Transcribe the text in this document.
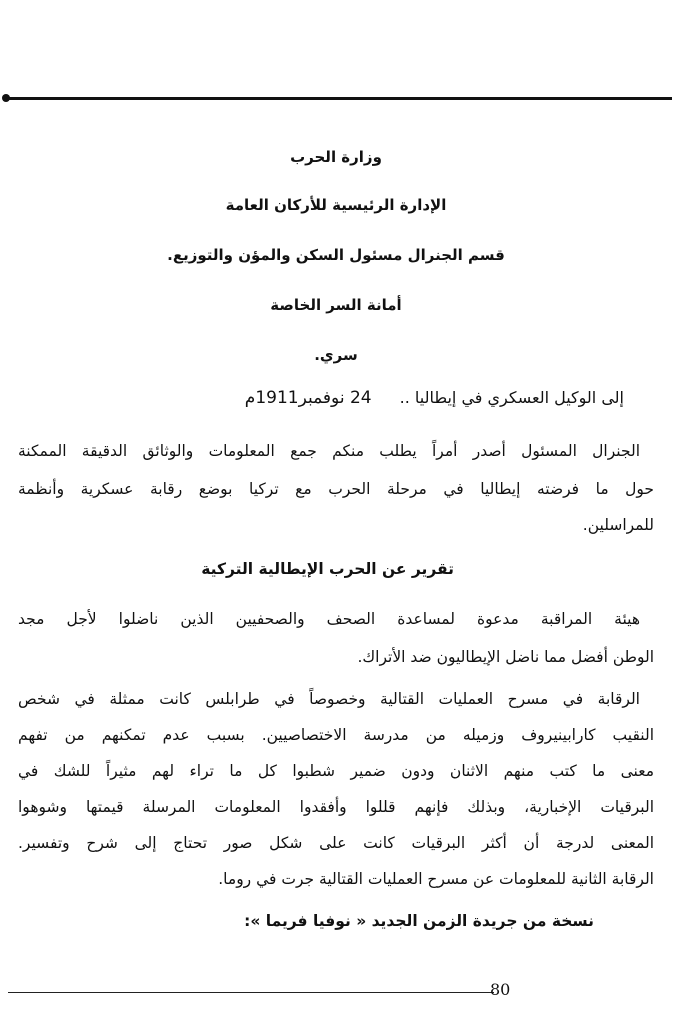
وزارة الحرب
الإدارة الرئيسية للأركان العامة
قسم الجنرال مسئول السكن والمؤن والتوزيع.
أمانة السر الخاصة
سري.
إلى الوكيل العسكري في إيطاليا ..24 نوفمبر1911م
الجنرال المسئول أصدر أمراً يطلب منكم جمع المعلومات والوثائق الدقيقة الممكنة
حول ما فرضته إيطاليا في مرحلة الحرب مع تركيا بوضع رقابة عسكرية وأنظمة
للمراسلين.
تقرير عن الحرب الإيطالية التركية
هيئة المراقبة مدعوة لمساعدة الصحف والصحفيين الذين ناضلوا لأجل مجد
الوطن أفضل مما ناضل الإيطاليون ضد الأتراك.
الرقابة في مسرح العمليات القتالية وخصوصاً في طرابلس كانت ممثلة في شخص
النقيب كارابينيروف وزميله من مدرسة الاختصاصيين. بسبب عدم تمكنهم من تفهم
معنى ما كتب منهم الاثنان ودون ضمير شطبوا كل ما تراء لهم مثيراً للشك في
البرقيات الإخبارية، وبذلك فإنهم قللوا وأفقدوا المعلومات المرسلة قيمتها وشوهوا
المعنى لدرجة أن أكثر البرقيات كانت على شكل صور تحتاج إلى شرح وتفسير.
الرقابة الثانية للمعلومات عن مسرح العمليات القتالية جرت في روما.
نسخة من جريدة الزمن الجديد « نوفيا فريما »:
80
